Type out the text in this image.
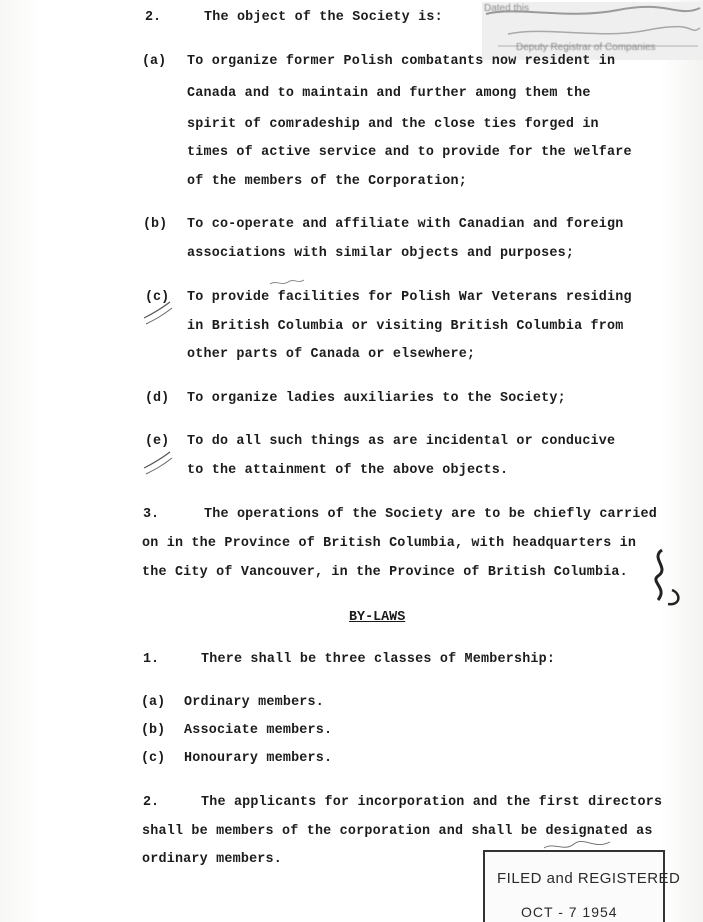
Dated this
Deputy Registrar of Companies
2.	The object of the Society is:
(a) To organize former Polish combatants now resident in
Canada and to maintain and further among them the
spirit of comradeship and the close ties forged in
times of active service and to provide for the welfare
of the members of the Corporation;
(b) To co-operate and affiliate with Canadian and foreign
associations with similar objects and purposes;
(c) To provide facilities for Polish War Veterans residing
in British Columbia or visiting British Columbia from
other parts of Canada or elsewhere;
(d) To organize ladies auxiliaries to the Society;
(e) To do all such things as are incidental or conducive
to the attainment of the above objects.
3.	The operations of the Society are to be chiefly carried
on in the Province of British Columbia, with headquarters in
the City of Vancouver, in the Province of British Columbia.
BY-LAWS
1.	There shall be three classes of Membership:
(a) Ordinary members.
(b) Associate members.
(c) Honourary members.
2.	The applicants for incorporation and the first directors
shall be members of the corporation and shall be designated as
ordinary members.
FILED and REGISTERED
OCT - 7 1954
